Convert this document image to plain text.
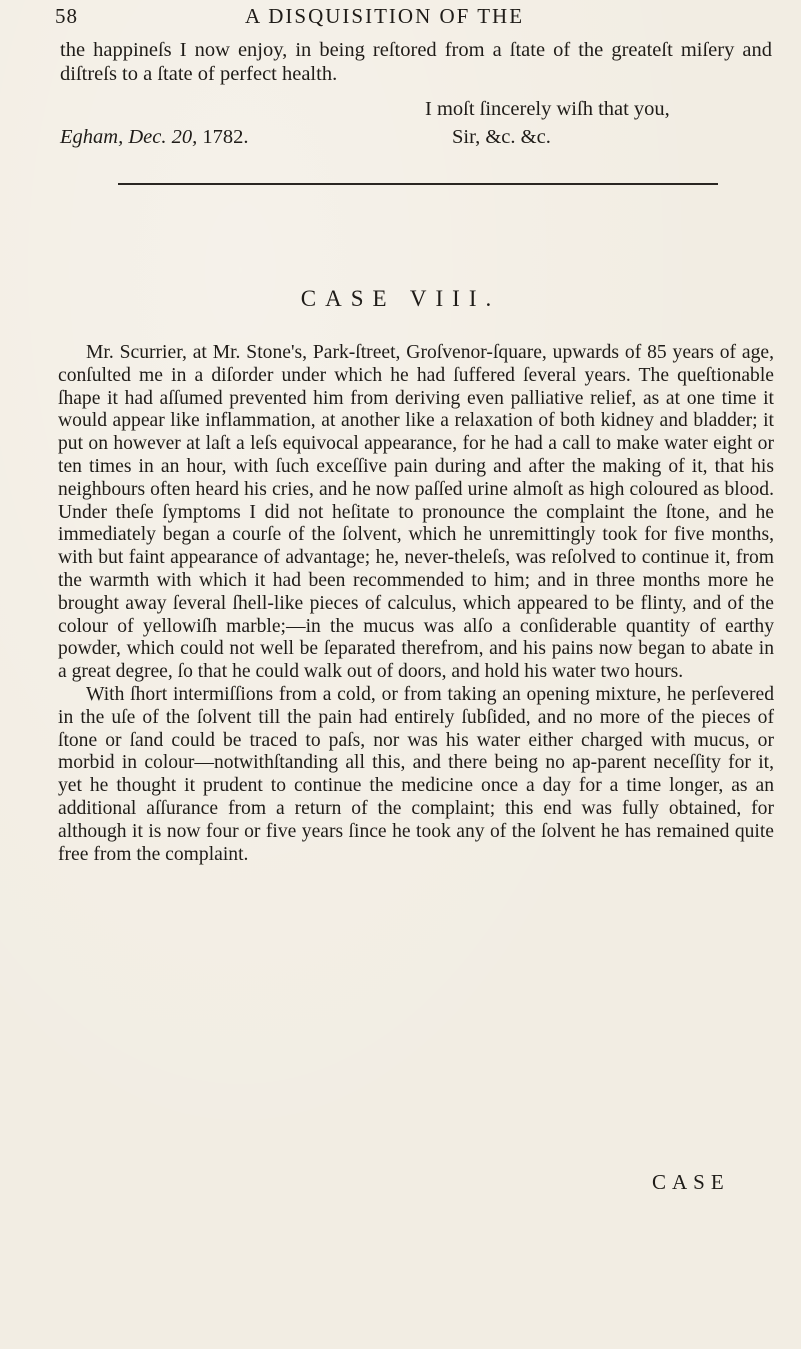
58	A DISQUISITION OF THE
the happineſs I now enjoy, in being reſtored from a ſtate of the greateſt miſery and diſtreſs to a ſtate of perfect health.
I moſt ſincerely wiſh that you,
Egham, Dec. 20, 1782.	Sir, &c. &c.
CASE VIII.

Mr. Scurrier, at Mr. Stone's, Park-ſtreet, Groſvenor-ſquare, upwards of 85 years of age, conſulted me in a diſorder under which he had ſuffered ſeveral years. The queſtionable ſhape it had aſſumed prevented him from deriving even palliative relief, as at one time it would appear like inflammation, at another like a relaxation of both kidney and bladder; it put on however at laſt a leſs equivocal appearance, for he had a call to make water eight or ten times in an hour, with ſuch exceſſive pain during and after the making of it, that his neighbours often heard his cries, and he now paſſed urine almoſt as high coloured as blood. Under theſe ſymptoms I did not heſitate to pronounce the complaint the ſtone, and he immediately began a courſe of the ſolvent, which he unremittingly took for five months, with but faint appearance of advantage; he, never-theleſs, was reſolved to continue it, from the warmth with which it had been recommended to him; and in three months more he brought away ſeveral ſhell-like pieces of calculus, which appeared to be flinty, and of the colour of yellowiſh marble;—in the mucus was alſo a conſiderable quantity of earthy powder, which could not well be ſeparated therefrom, and his pains now began to abate in a great degree, ſo that he could walk out of doors, and hold his water two hours.

With ſhort intermiſſions from a cold, or from taking an opening mixture, he perſevered in the uſe of the ſolvent till the pain had entirely ſubſided, and no more of the pieces of ſtone or ſand could be traced to paſs, nor was his water either charged with mucus, or morbid in colour—notwithſtanding all this, and there being no ap-parent neceſſity for it, yet he thought it prudent to continue the medicine once a day for a time longer, as an additional aſſurance from a return of the complaint; this end was fully obtained, for although it is now four or five years ſince he took any of the ſolvent he has remained quite free from the complaint.

CASE
